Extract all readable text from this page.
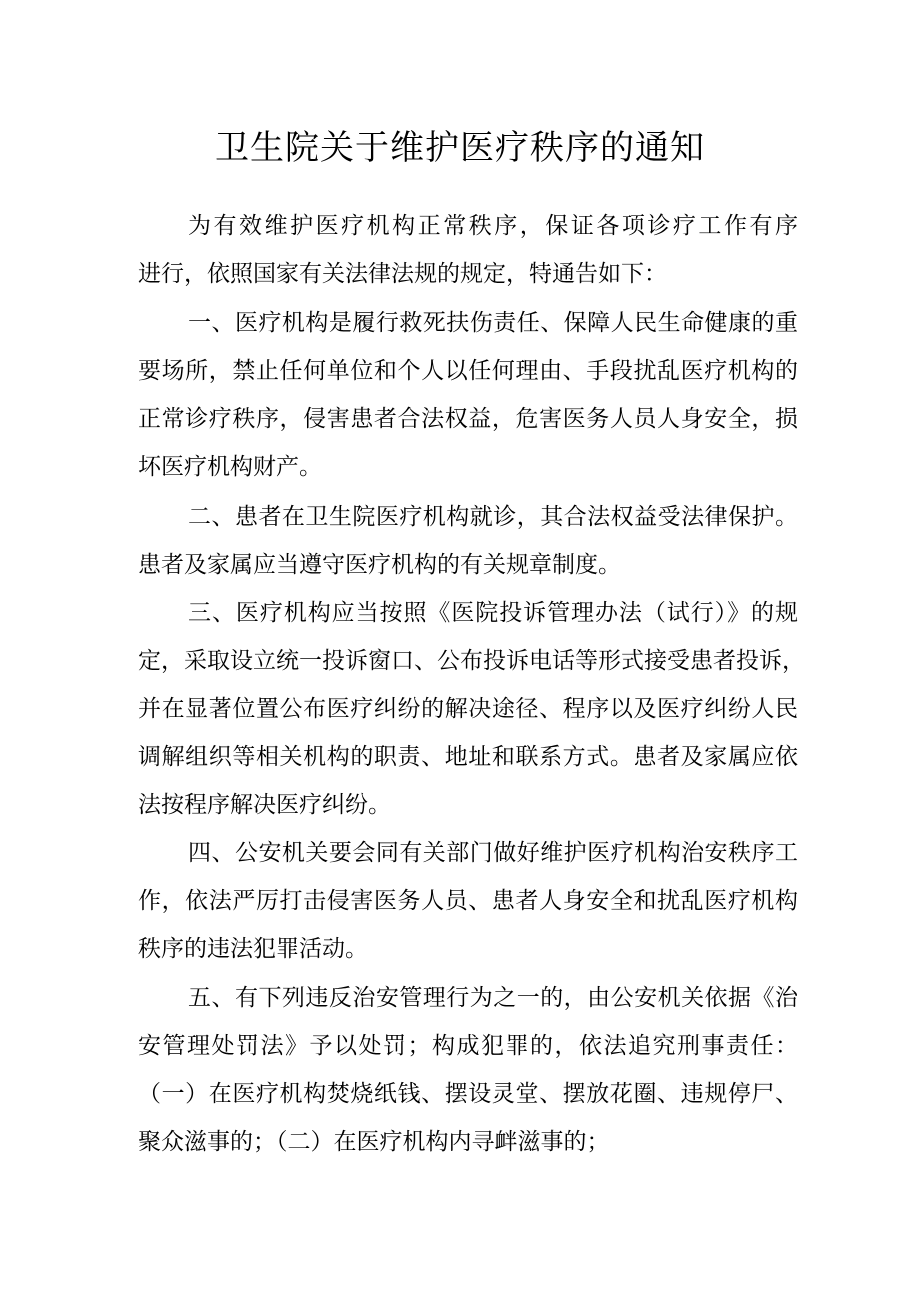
卫生院关于维护医疗秩序的通知
为有效维护医疗机构正常秩序，保证各项诊疗工作有序
进行，依照国家有关法律法规的规定，特通告如下：
一、医疗机构是履行救死扶伤责任、保障人民生命健康的重
要场所，禁止任何单位和个人以任何理由、手段扰乱医疗机构的
正常诊疗秩序，侵害患者合法权益，危害医务人员人身安全，损
坏医疗机构财产。
二、患者在卫生院医疗机构就诊，其合法权益受法律保护。
患者及家属应当遵守医疗机构的有关规章制度。
三、医疗机构应当按照《医院投诉管理办法（试行）》的规
定，采取设立统一投诉窗口、公布投诉电话等形式接受患者投诉，
并在显著位置公布医疗纠纷的解决途径、程序以及医疗纠纷人民
调解组织等相关机构的职责、地址和联系方式。患者及家属应依
法按程序解决医疗纠纷。
四、公安机关要会同有关部门做好维护医疗机构治安秩序工
作，依法严厉打击侵害医务人员、患者人身安全和扰乱医疗机构
秩序的违法犯罪活动。
五、有下列违反治安管理行为之一的，由公安机关依据《治
安管理处罚法》予以处罚；构成犯罪的，依法追究刑事责任：
（一）在医疗机构焚烧纸钱、摆设灵堂、摆放花圈、违规停尸、
聚众滋事的；（二）在医疗机构内寻衅滋事的；
